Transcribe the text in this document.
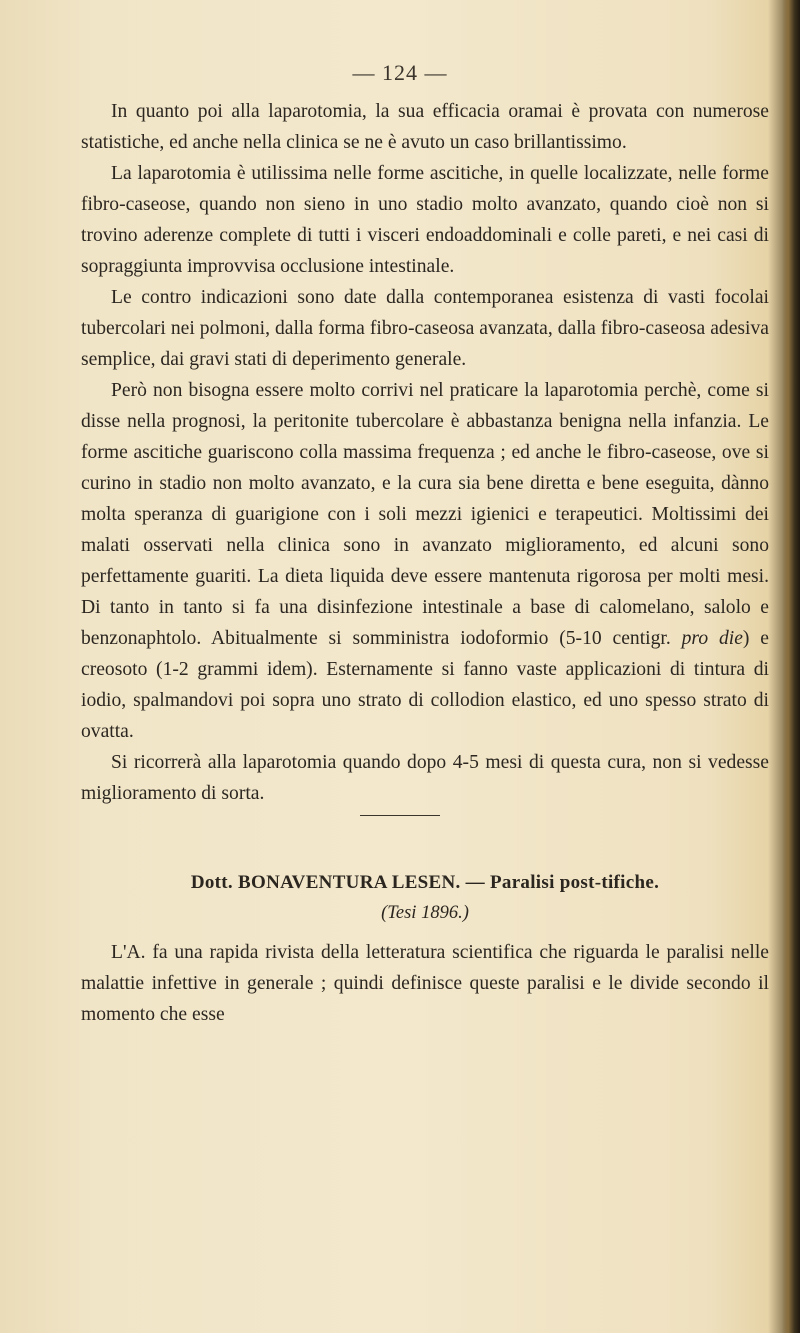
— 124 —

In quanto poi alla laparotomia, la sua efficacia oramai è provata con numerose statistiche, ed anche nella clinica se ne è avuto un caso brillantissimo.

La laparotomia è utilissima nelle forme ascitiche, in quelle localizzate, nelle forme fibro-caseose, quando non sieno in uno stadio molto avanzato, quando cioè non si trovino aderenze complete di tutti i visceri endoaddominali e colle pareti, e nei casi di sopraggiunta improvvisa occlusione intestinale.

Le contro indicazioni sono date dalla contemporanea esistenza di vasti focolai tubercolari nei polmoni, dalla forma fibro-caseosa avanzata, dalla fibro-caseosa adesiva semplice, dai gravi stati di deperimento generale.

Però non bisogna essere molto corrivi nel praticare la laparotomia perchè, come si disse nella prognosi, la peritonite tubercolare è abbastanza benigna nella infanzia. Le forme ascitiche guariscono colla massima frequenza ; ed anche le fibro-caseose, ove si curino in stadio non molto avanzato, e la cura sia bene diretta e bene eseguita, dànno molta speranza di guarigione con i soli mezzi igienici e terapeutici. Moltissimi dei malati osservati nella clinica sono in avanzato miglioramento, ed alcuni sono perfettamente guariti. La dieta liquida deve essere mantenuta rigorosa per molti mesi. Di tanto in tanto si fa una disinfezione intestinale a base di calomelano, salolo e benzonaphtolo. Abitualmente si somministra iodoformio (5-10 centigr. pro die) e creosoto (1-2 grammi idem). Esternamente si fanno vaste applicazioni di tintura di iodio, spalmandovi poi sopra uno strato di collodion elastico, ed uno spesso strato di ovatta.

Si ricorrerà alla laparotomia quando dopo 4-5 mesi di questa cura, non si vedesse miglioramento di sorta.

Dott. BONAVENTURA LESEN. — Paralisi post-tifiche.
(Tesi 1896.)

L'A. fa una rapida rivista della letteratura scientifica che riguarda le paralisi nelle malattie infettive in generale ; quindi definisce queste paralisi e le divide secondo il momento che esse
